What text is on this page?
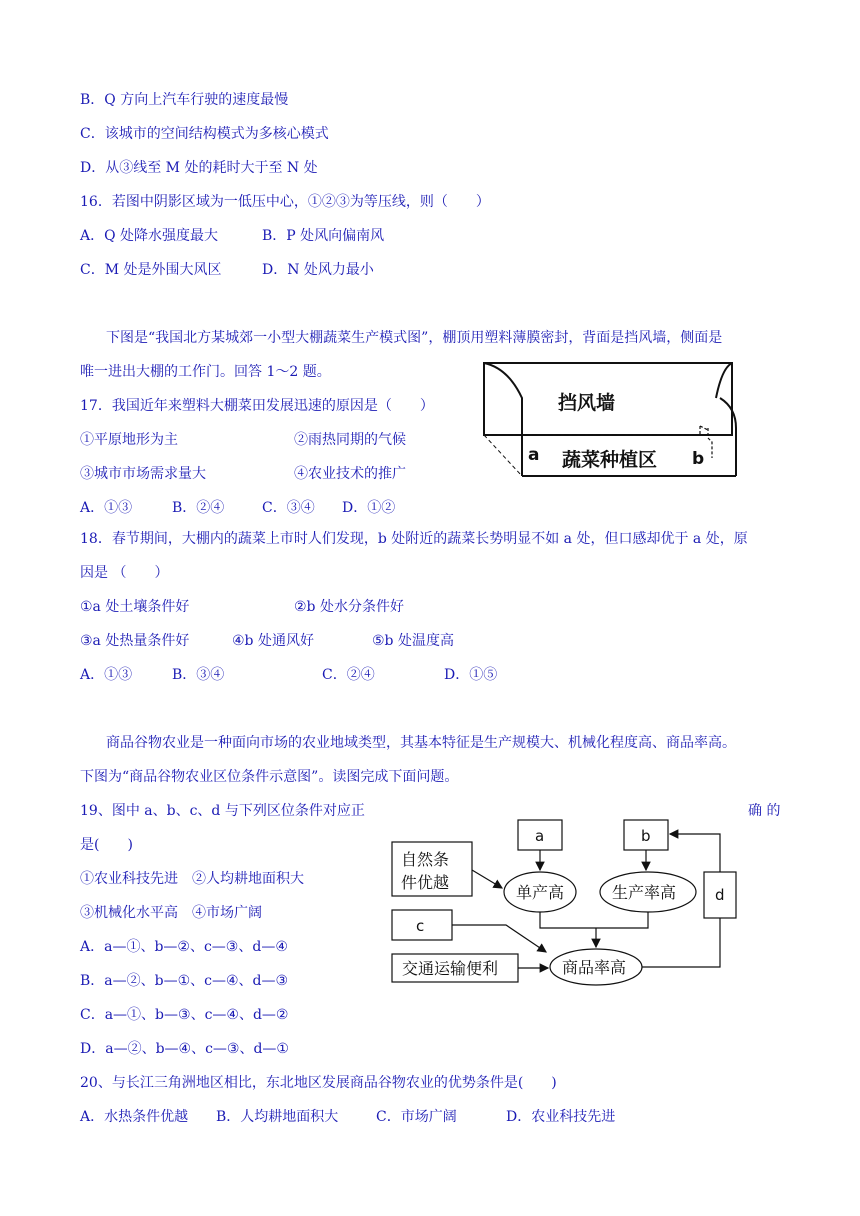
B．Q 方向上汽车行驶的速度最慢
C．该城市的空间结构模式为多核心模式
D．从③线至 M 处的耗时大于至 N 处
16．若图中阴影区域为一低压中心，①②③为等压线，则（　　）
A．Q 处降水强度最大	B．P 处风向偏南风
C．M 处是外围大风区	D．N 处风力最小
下图是“我国北方某城郊一小型大棚蔬菜生产模式图”，棚顶用塑料薄膜密封，背面是挡风墙，侧面是
唯一进出大棚的工作门。回答 1～2 题。
17．我国近年来塑料大棚菜田发展迅速的原因是（　　）
①平原地形为主	②雨热同期的气候
③城市市场需求量大	④农业技术的推广
A．①③	B．②④	C．③④ D．①②
挡风墙
蔬菜种植区
a	b
18．春节期间，大棚内的蔬菜上市时人们发现，b 处附近的蔬菜长势明显不如 a 处，但口感却优于 a 处，原
因是 （　　）
①a 处土壤条件好	②b 处水分条件好
③a 处热量条件好	④b 处通风好	⑤b 处温度高
A．①③	B．③④	C．②④	D．①⑤
商品谷物农业是一种面向市场的农业地域类型，其基本特征是生产规模大、机械化程度高、商品率高。
下图为“商品谷物农业区位条件示意图”。读图完成下面问题。
19、图中 a、b、c、d 与下列区位条件对应正	确 的
是(　　)
①农业科技先进　②人均耕地面积大
③机械化水平高　④市场广阔
A．a—①、b—②、c—③、d—④
B．a—②、b—①、c—④、d—③
C．a—①、b—③、c—④、d—②
D．a—②、b—④、c—③、d—①
a	b
自然条
件优越
单产高	生产率高	d
c
交通运输便利	商品率高
20、与长江三角洲地区相比，东北地区发展商品谷物农业的优势条件是(　　)
A．水热条件优越 B．人均耕地面积大	C．市场广阔	D．农业科技先进
